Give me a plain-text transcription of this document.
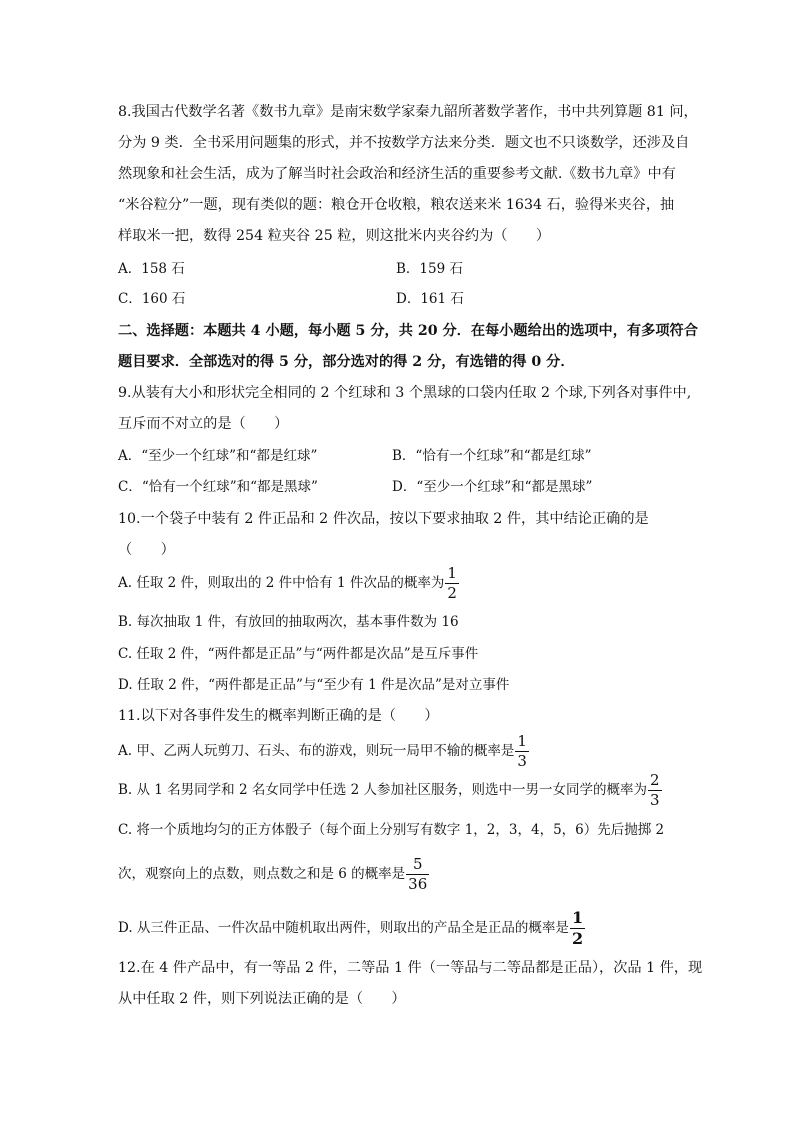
8.我国古代数学名著《数书九章》是南宋数学家秦九韶所著数学著作，书中共列算题 81 问，
分为 9 类．全书采用问题集的形式，并不按数学方法来分类．题文也不只谈数学，还涉及自
然现象和社会生活，成为了解当时社会政治和经济生活的重要参考文献.《数书九章》中有
“米谷粒分”一题，现有类似的题：粮仓开仓收粮，粮农送来米 1634 石，验得米夹谷，抽
样取米一把，数得 254 粒夹谷 25 粒，则这批米内夹谷约为（　　）
A．158 石	B．159 石
C．160 石	D．161 石
二、选择题：本题共 4 小题，每小题 5 分，共 20 分．在每小题给出的选项中，有多项符合
题目要求．全部选对的得 5 分，部分选对的得 2 分，有选错的得 0 分．
9.从装有大小和形状完全相同的 2 个红球和 3 个黑球的口袋内任取 2 个球,下列各对事件中,
互斥而不对立的是（　　）
A．“至少一个红球”和“都是红球”	B．“恰有一个红球”和“都是红球”
C．“恰有一个红球”和“都是黑球”	D．“至少一个红球”和“都是黑球”
10.一个袋子中装有 2 件正品和 2 件次品，按以下要求抽取 2 件，其中结论正确的是
（　　）
A. 任取 2 件，则取出的 2 件中恰有 1 件次品的概率为 $\frac{1}{2}$
B. 每次抽取 1 件，有放回的抽取两次，基本事件数为 16
C. 任取 2 件，“两件都是正品”与“两件都是次品”是互斥事件
D. 任取 2 件，“两件都是正品”与“至少有 1 件是次品”是对立事件
11.以下对各事件发生的概率判断正确的是（　　）
A. 甲、乙两人玩剪刀、石头、布的游戏，则玩一局甲不输的概率是 $\frac{1}{3}$
B. 从 1 名男同学和 2 名女同学中任选 2 人参加社区服务，则选中一男一女同学的概率为 $\frac{2}{3}$
C. 将一个质地均匀的正方体骰子（每个面上分别写有数字 1，2，3，4，5，6）先后抛掷 2
次，观察向上的点数，则点数之和是 6 的概率是 $\frac{5}{36}$
D. 从三件正品、一件次品中随机取出两件，则取出的产品全是正品的概率是 $\frac{1}{2}$
12.在 4 件产品中，有一等品 2 件，二等品 1 件（一等品与二等品都是正品），次品 1 件，现
从中任取 2 件，则下列说法正确的是（　　）
